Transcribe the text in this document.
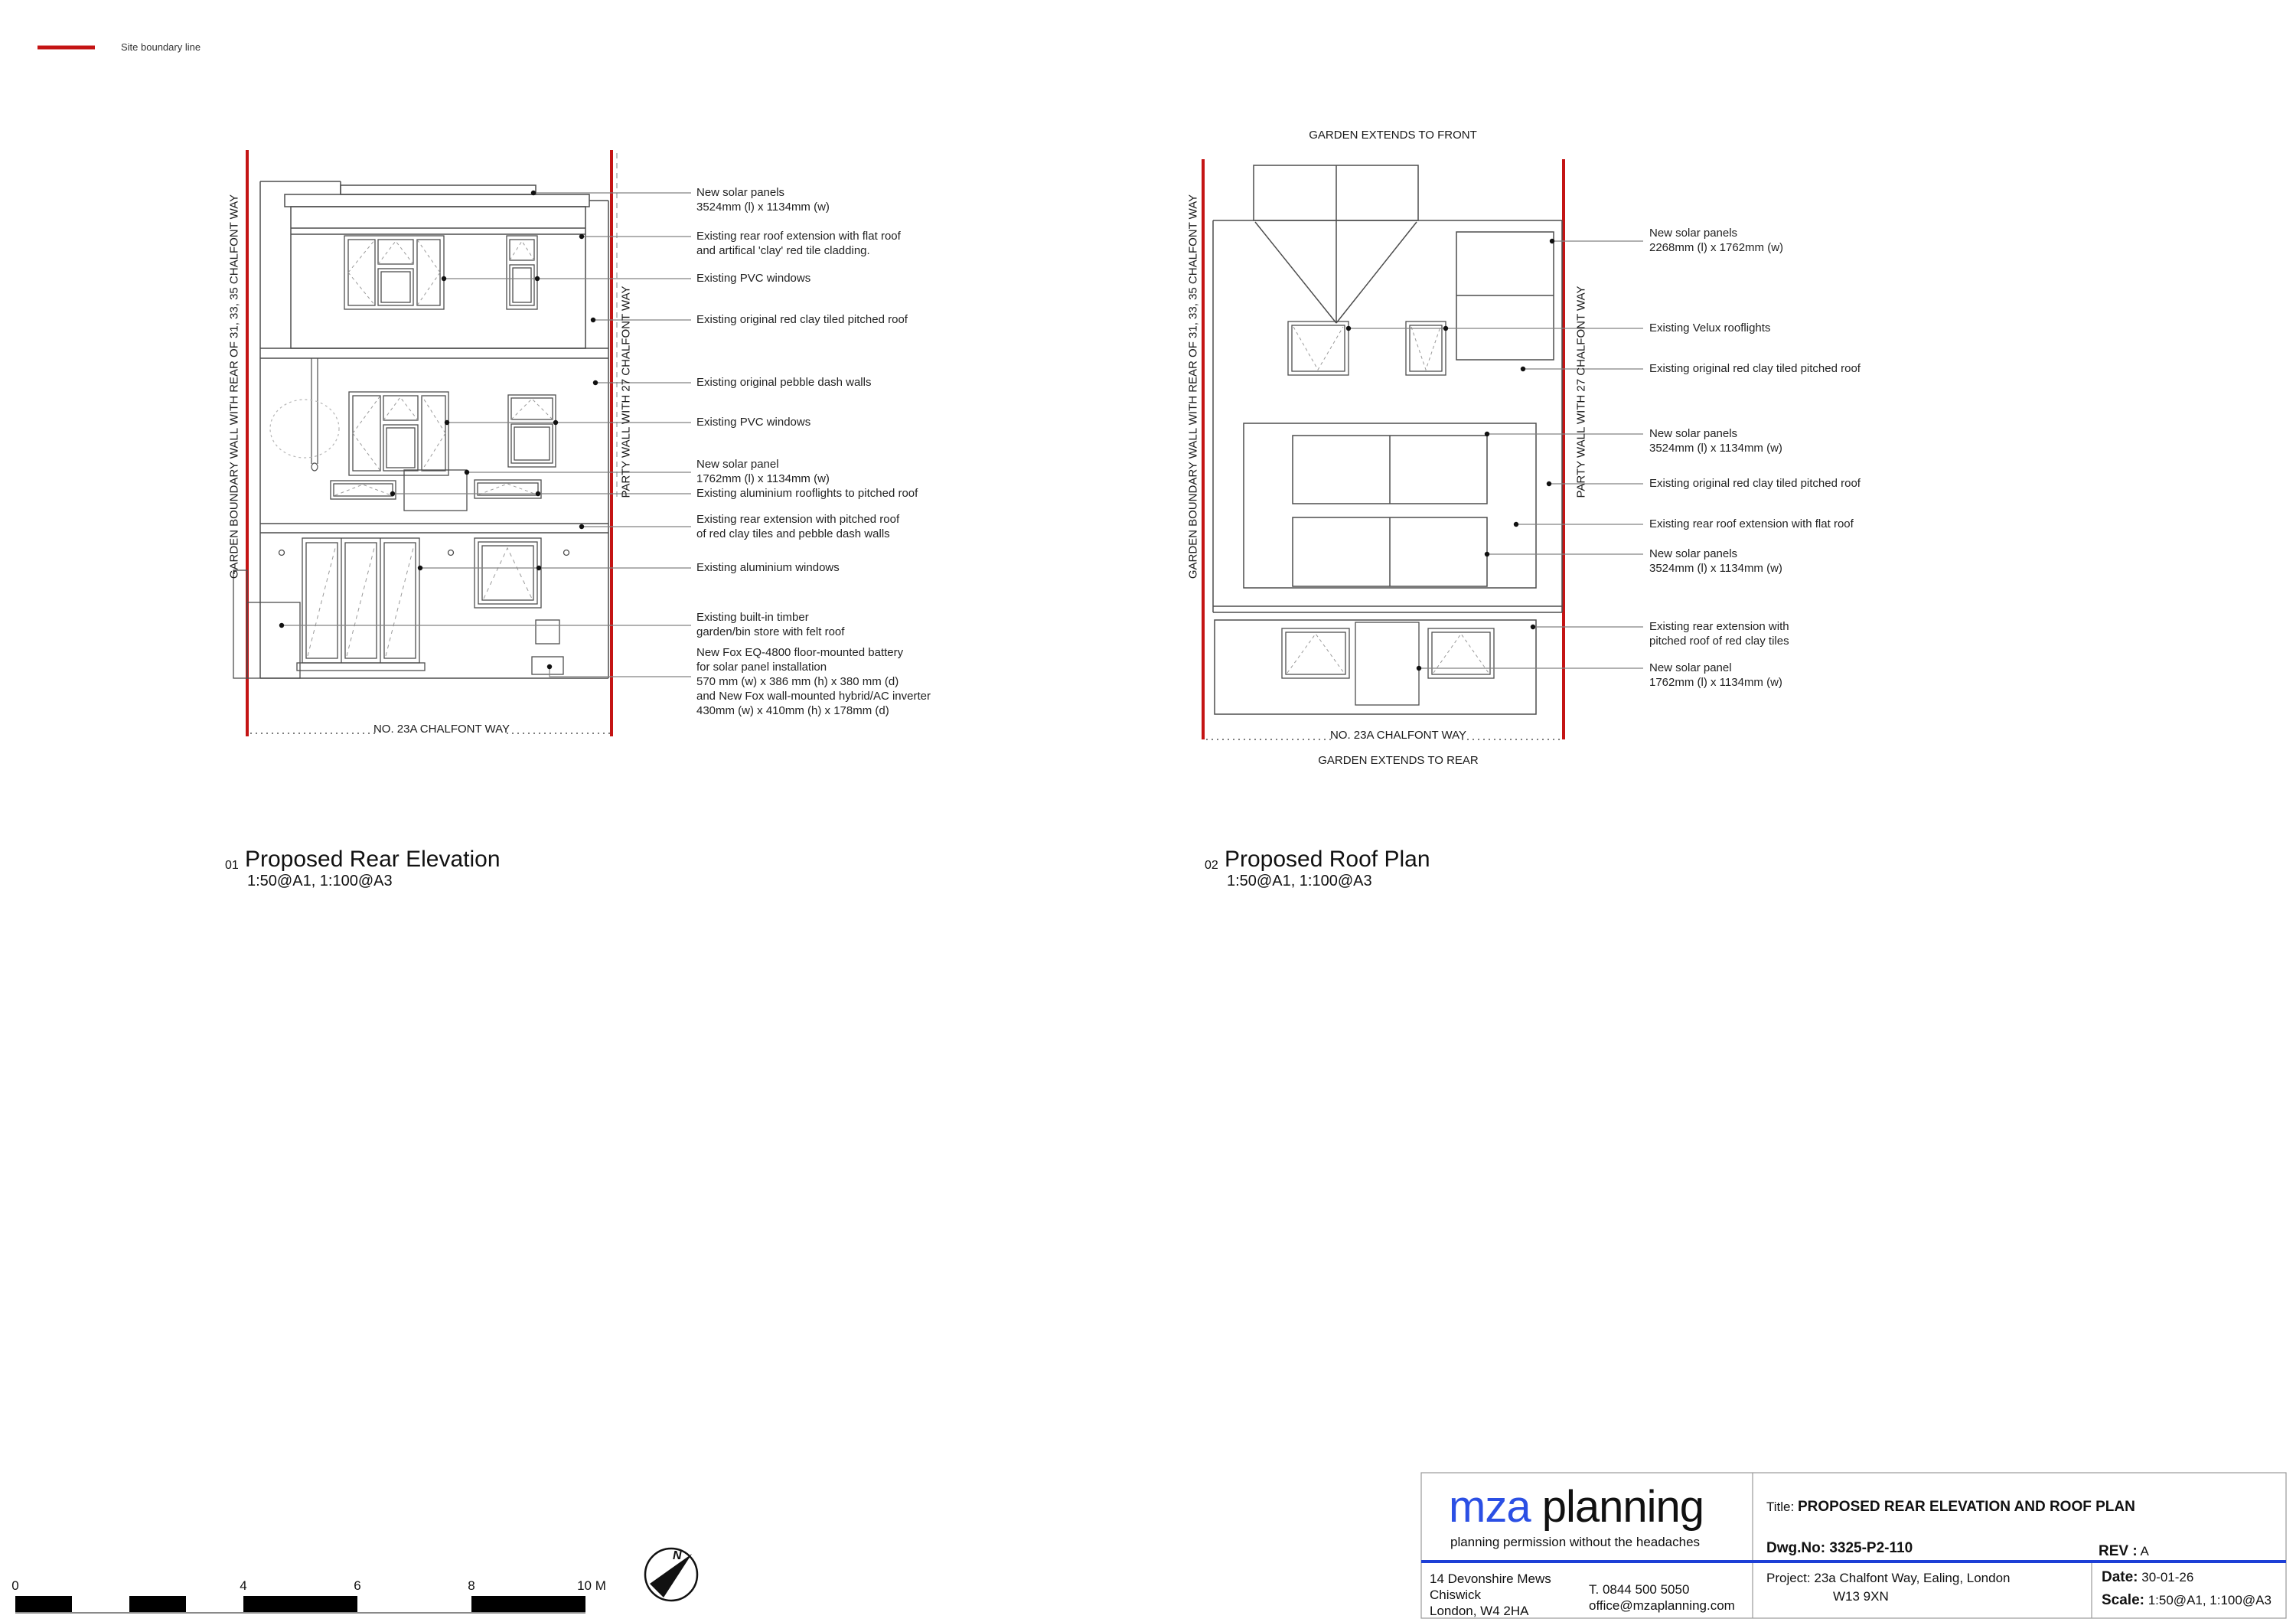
Site boundary line
GARDEN BOUNDARY WALL WITH REAR OF 31, 33, 35 CHALFONT WAY	PARTY WALL WITH 27 CHALFONT WAY
NO. 23A CHALFONT WAY
GARDEN EXTENDS TO FRONT
GARDEN BOUNDARY WALL WITH REAR OF 31, 33, 35 CHALFONT WAY	PARTY WALL WITH 27 CHALFONT WAY
NO. 23A CHALFONT WAY
GARDEN EXTENDS TO REAR
New solar panels
3524mm (l) x 1134mm (w)
Existing rear roof extension with flat roof
and artifical 'clay' red tile cladding.
Existing PVC windows
Existing original red clay tiled pitched roof
Existing original pebble dash walls
Existing PVC windows
New solar panel
1762mm (l) x 1134mm (w)
Existing aluminium rooflights to pitched roof
Existing rear extension with pitched roof
of red clay tiles and pebble dash walls
Existing aluminium windows
Existing built-in timber
garden/bin store with felt roof
New Fox EQ-4800 floor-mounted battery
for solar panel installation
570 mm (w) x 386 mm (h) x 380 mm (d)
and New Fox wall-mounted hybrid/AC inverter
430mm (w) x 410mm (h) x 178mm (d)
New solar panels
2268mm (l) x 1762mm (w)
Existing Velux rooflights
Existing original red clay tiled pitched roof
New solar panels
3524mm (l) x 1134mm (w)
Existing original red clay tiled pitched roof
Existing rear roof extension with flat roof
New solar panels
3524mm (l) x 1134mm (w)
Existing rear extension with
pitched roof of red clay tiles
New solar panel
1762mm (l) x 1134mm (w)
01 Proposed Rear Elevation
1:50@A1, 1:100@A3
02 Proposed Roof Plan
1:50@A1, 1:100@A3
0	4	6	8	10 M
N
mza planning
planning permission without the headaches
14 Devonshire Mews
Chiswick
London, W4 2HA
T. 0844 500 5050
office@mzaplanning.com
Title: PROPOSED REAR ELEVATION AND ROOF PLAN
Dwg.No: 3325-P2-110	REV : A
Project: 23a Chalfont Way, Ealing, London
W13 9XN
Date: 30-01-26
Scale: 1:50@A1, 1:100@A3
